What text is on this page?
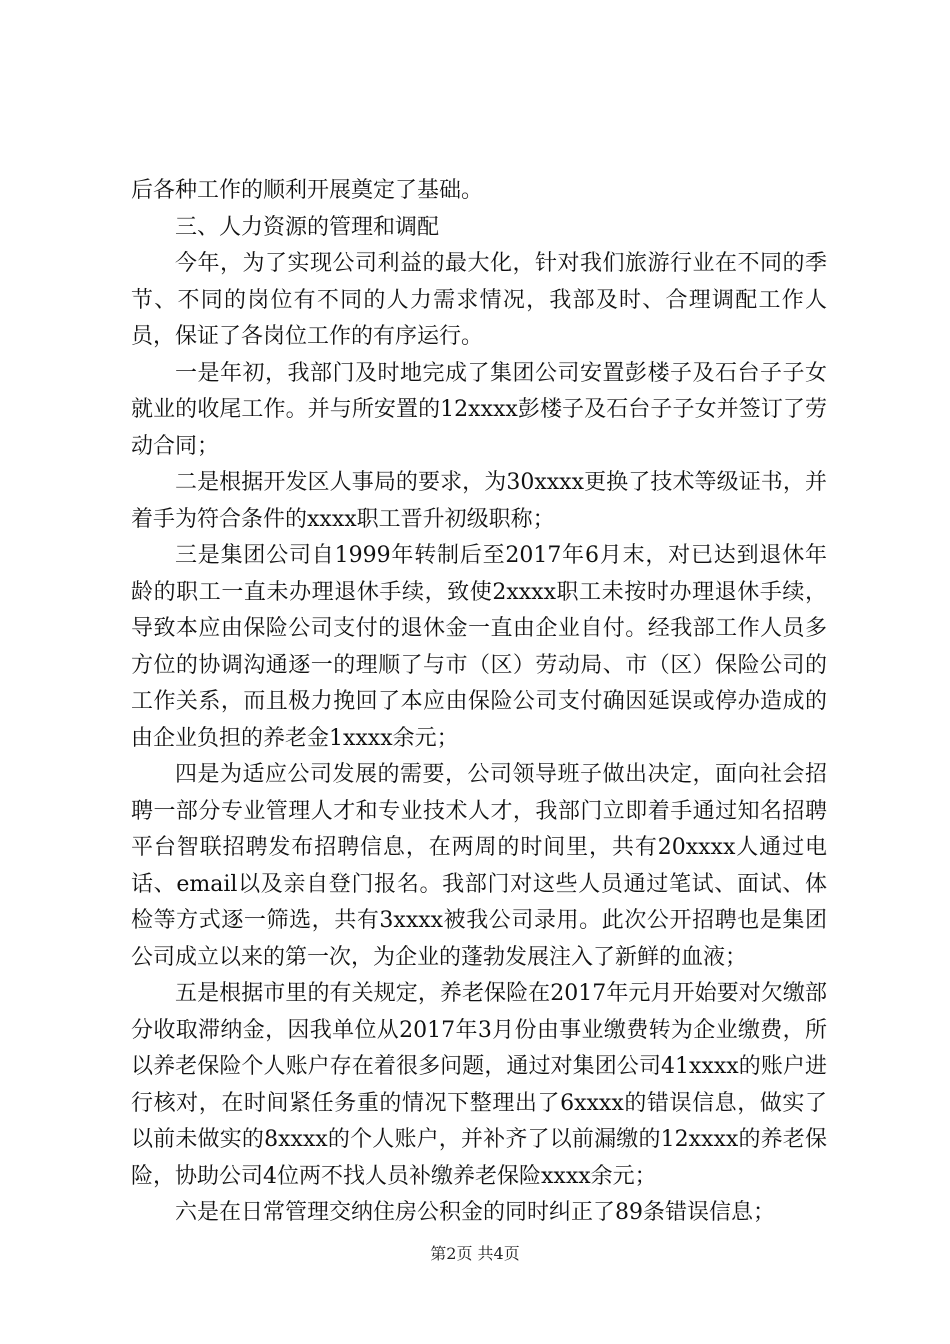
后各种工作的顺利开展奠定了基础。

三、人力资源的管理和调配

今年，为了实现公司利益的最大化，针对我们旅游行业在不同的季节、不同的岗位有不同的人力需求情况，我部及时、合理调配工作人员，保证了各岗位工作的有序运行。

一是年初，我部门及时地完成了集团公司安置彭楼子及石台子子女就业的收尾工作。并与所安置的12xxxx彭楼子及石台子子女并签订了劳动合同；

二是根据开发区人事局的要求，为30xxxx更换了技术等级证书，并着手为符合条件的xxxx职工晋升初级职称；

三是集团公司自1999年转制后至2017年6月末，对已达到退休年龄的职工一直未办理退休手续，致使2xxxx职工未按时办理退休手续，导致本应由保险公司支付的退休金一直由企业自付。经我部工作人员多方位的协调沟通逐一的理顺了与市（区）劳动局、市（区）保险公司的工作关系，而且极力挽回了本应由保险公司支付确因延误或停办造成的由企业负担的养老金1xxxx余元；

四是为适应公司发展的需要，公司领导班子做出决定，面向社会招聘一部分专业管理人才和专业技术人才，我部门立即着手通过知名招聘平台智联招聘发布招聘信息，在两周的时间里，共有20xxxx人通过电话、email以及亲自登门报名。我部门对这些人员通过笔试、面试、体检等方式逐一筛选，共有3xxxx被我公司录用。此次公开招聘也是集团公司成立以来的第一次，为企业的蓬勃发展注入了新鲜的血液；

五是根据市里的有关规定，养老保险在2017年元月开始要对欠缴部分收取滞纳金，因我单位从2017年3月份由事业缴费转为企业缴费，所以养老保险个人账户存在着很多问题，通过对集团公司41xxxx的账户进行核对，在时间紧任务重的情况下整理出了6xxxx的错误信息，做实了以前未做实的8xxxx的个人账户，并补齐了以前漏缴的12xxxx的养老保险，协助公司4位两不找人员补缴养老保险xxxx余元；

六是在日常管理交纳住房公积金的同时纠正了89条错误信息；

第2页 共4页
